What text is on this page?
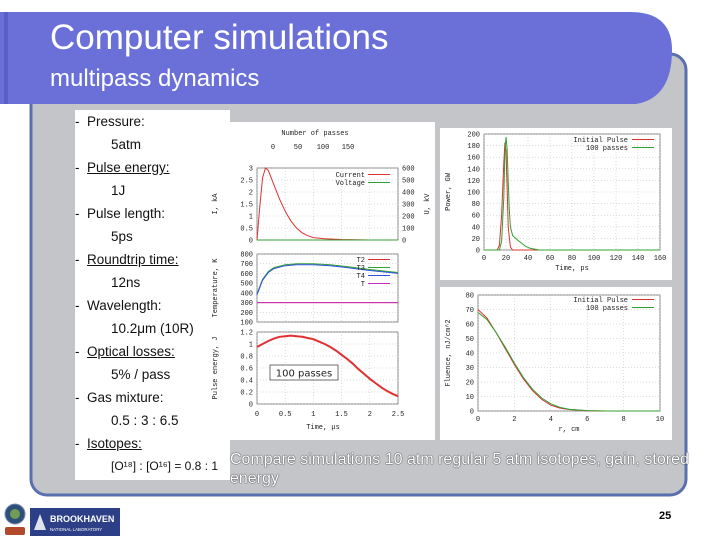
Computer simulations
multipass dynamics
- Pressure:
5atm
- Pulse energy:
1J
- Pulse length:
5ps
- Roundtrip time:
12ns
- Wavelength:
10.2μm (10R)
- Optical losses:
5% / pass
- Gas mixture:
0.5 : 3 : 6.5
- Isotopes:
[O¹⁸] : [O¹⁶] = 0.8 : 1
Number of passes
0	50 100 150
0
0.5
1
1.5
2
2.5
3
I, kA
0
100
200
300
400
500
600
U, kV
Current
Voltage
100
200
300
400
500
600
700
800
Temperature, K	T2
T3
T4
T
0
0.2
0.4
0.6
0.8
1
1.2
Pulse energy, J	100 passes
0	0.5	1	1.5	2	2.5
Time, μs
0 20 40 60 80 100 120 140 160
0
20
40
60
80
100
120
140
160
180
200
Power, GW
Time, ps
Initial Pulse
100 passes
0	2	4	6	8	10
0
10
20
30
40
50
60
70
80
Fluence, nJ/cm^2
r, cm
Initial Pulse
100 passes
Compare simulations 10 atm regular 5 atm isotopes, gain, stored energy
BROOKHAVEN
NATIONAL LABORATORY
25
